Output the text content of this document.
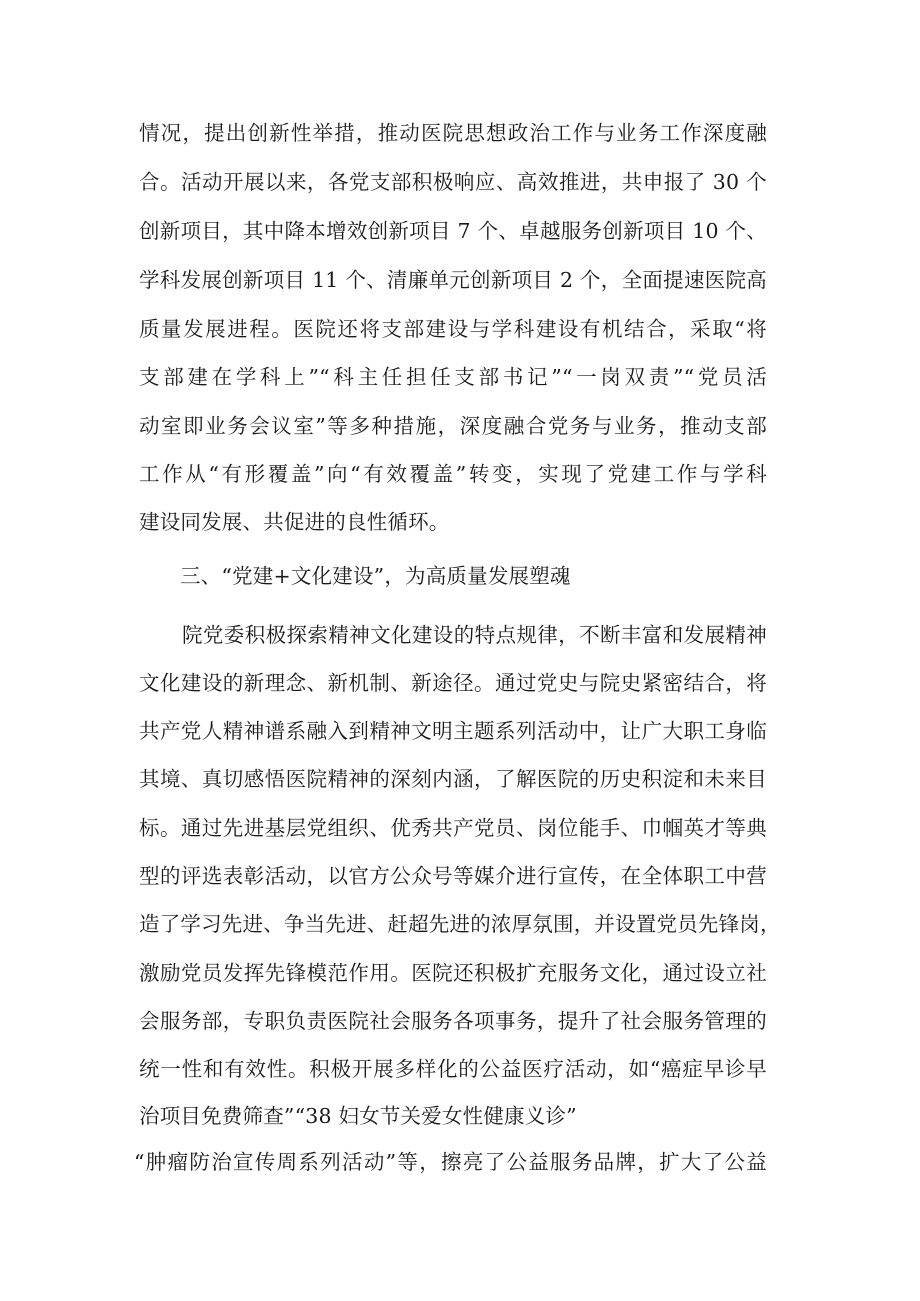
情况，提出创新性举措，推动医院思想政治工作与业务工作深度融
合。活动开展以来，各党支部积极响应、高效推进，共申报了 30 个
创新项目，其中降本增效创新项目 7 个、卓越服务创新项目 10 个、
学科发展创新项目 11 个、清廉单元创新项目 2 个，全面提速医院高
质量发展进程。医院还将支部建设与学科建设有机结合，采取“将
支部建在学科上”“科主任担任支部书记”“一岗双责”“党员活
动室即业务会议室”等多种措施，深度融合党务与业务，推动支部
工作从“有形覆盖”向“有效覆盖”转变，实现了党建工作与学科
建设同发展、共促进的良性循环。
三、“党建+文化建设”，为高质量发展塑魂
院党委积极探索精神文化建设的特点规律，不断丰富和发展精神
文化建设的新理念、新机制、新途径。通过党史与院史紧密结合，将
共产党人精神谱系融入到精神文明主题系列活动中，让广大职工身临
其境、真切感悟医院精神的深刻内涵，了解医院的历史积淀和未来目
标。通过先进基层党组织、优秀共产党员、岗位能手、巾帼英才等典
型的评选表彰活动，以官方公众号等媒介进行宣传，在全体职工中营
造了学习先进、争当先进、赶超先进的浓厚氛围，并设置党员先锋岗，
激励党员发挥先锋模范作用。医院还积极扩充服务文化，通过设立社
会服务部，专职负责医院社会服务各项事务，提升了社会服务管理的
统一性和有效性。积极开展多样化的公益医疗活动，如“癌症早诊早
治项目免费筛查”“38 妇女节关爱女性健康义诊”
“肿瘤防治宣传周系列活动”等，擦亮了公益服务品牌，扩大了公益
